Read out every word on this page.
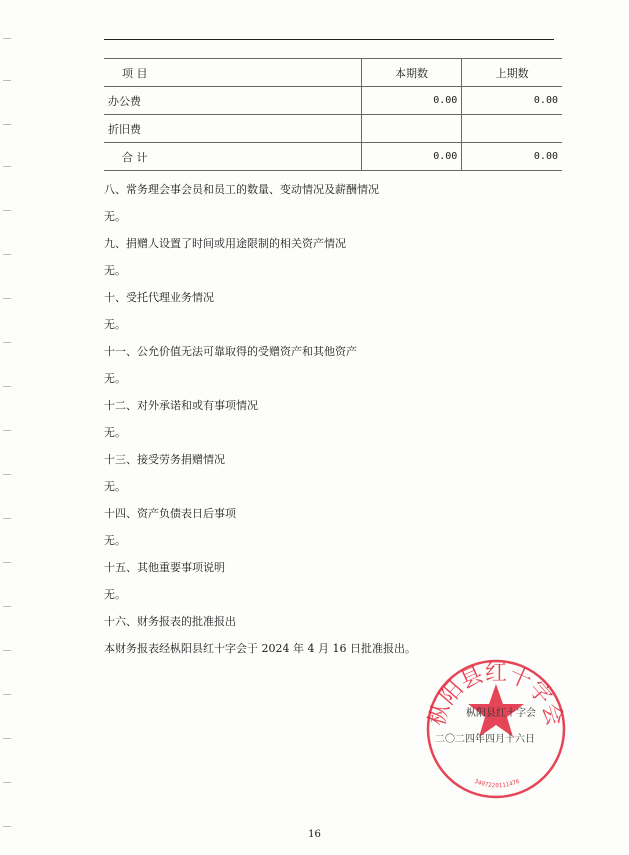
项 目	本期数	上期数
办公费	0.00	0.00
折旧费		
合 计	0.00	0.00

八、常务理会事会员和员工的数量、变动情况及薪酬情况

无。

九、捐赠人设置了时间或用途限制的相关资产情况

无。

十、受托代理业务情况

无。

十一、公允价值无法可靠取得的受赠资产和其他资产

无。

十二、对外承诺和或有事项情况

无。

十三、接受劳务捐赠情况

无。

十四、资产负债表日后事项

无。

十五、其他重要事项说明

无。

十六、财务报表的批准报出

本财务报表经枞阳县红十字会于 2024 年 4 月 16 日批准报出。

枞阳县红十字会
3407220111476
枞阳县红十字会
二〇二四年四月十六日
16
